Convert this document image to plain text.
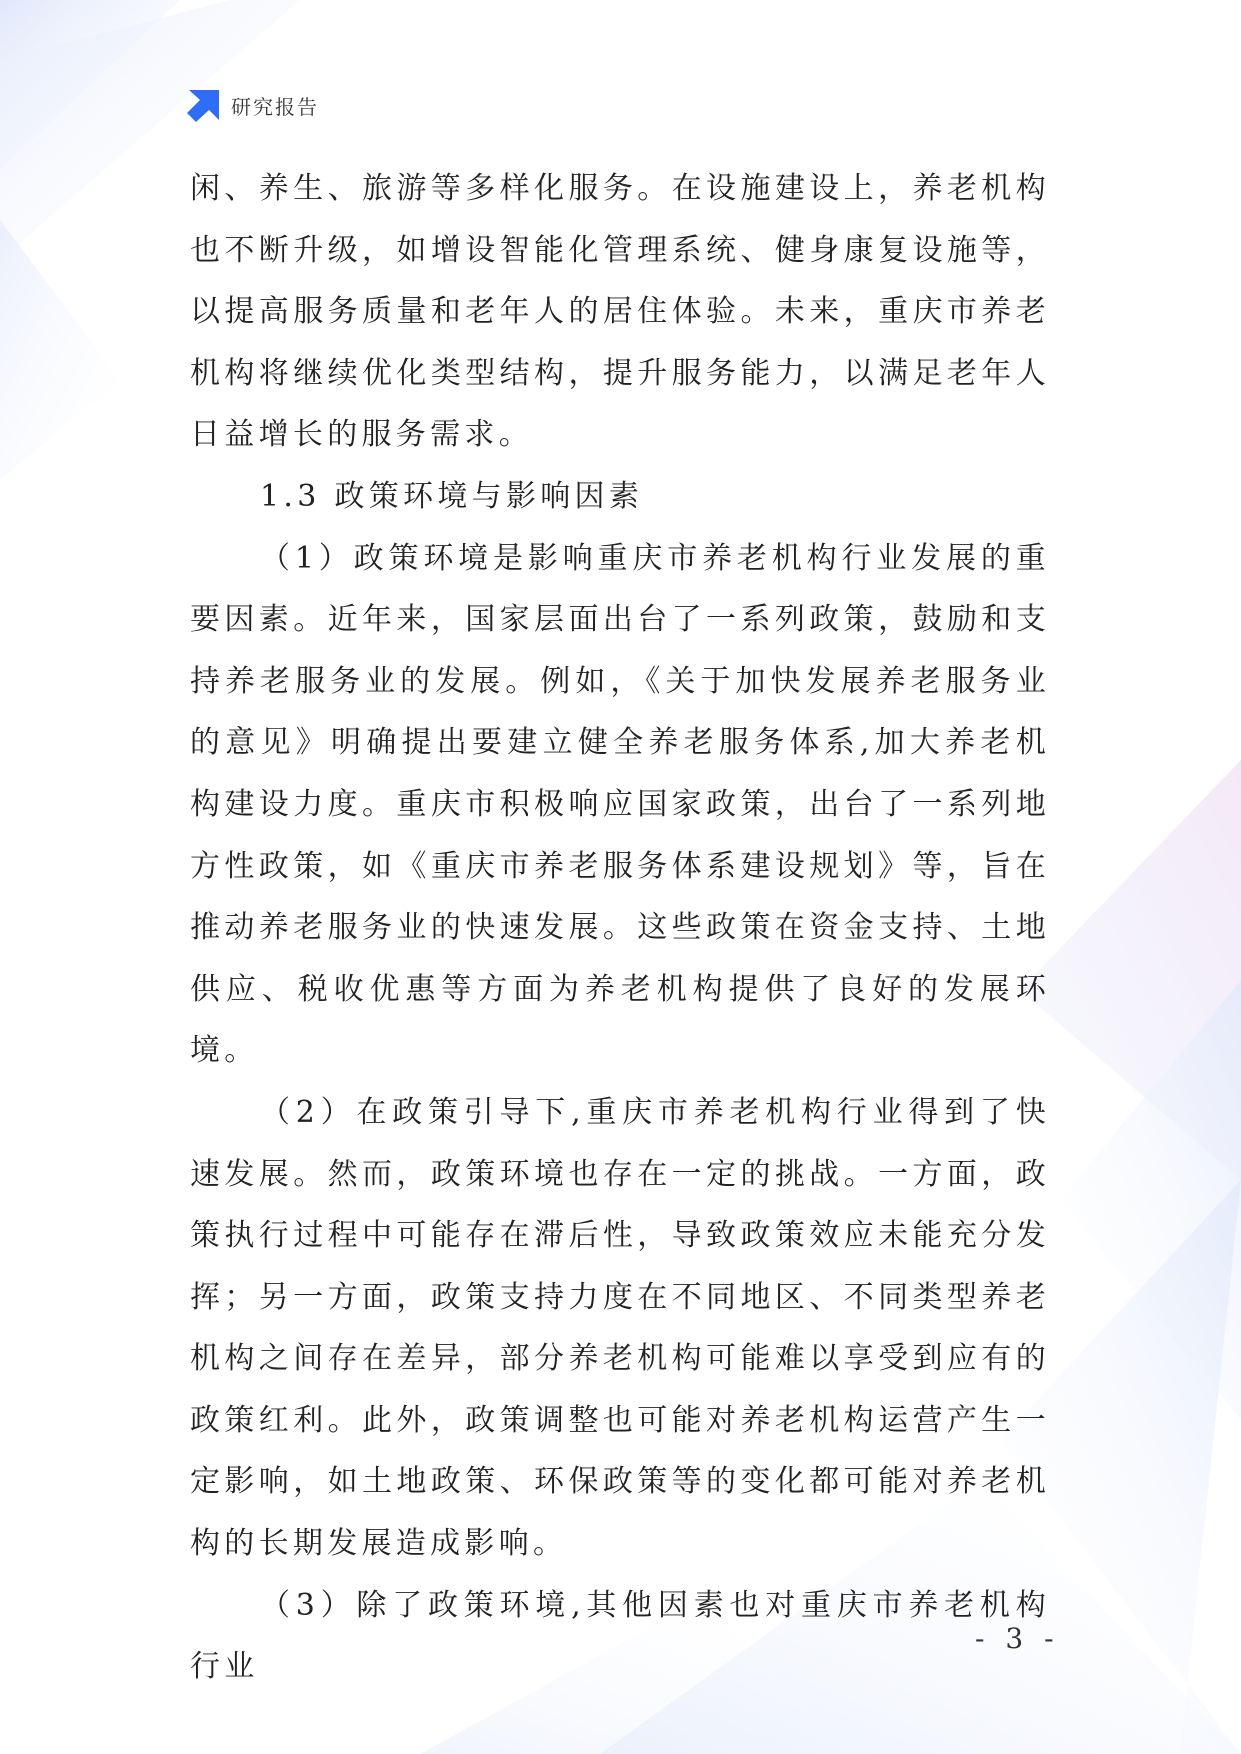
研究报告

闲、养生、旅游等多样化服务。在设施建设上，养老机构也不断升级，如增设智能化管理系统、健身康复设施等，以提高服务质量和老年人的居住体验。未来，重庆市养老机构将继续优化类型结构，提升服务能力，以满足老年人日益增长的服务需求。

1.3 政策环境与影响因素

（1）政策环境是影响重庆市养老机构行业发展的重要因素。近年来，国家层面出台了一系列政策，鼓励和支持养老服务业的发展。例如，《关于加快发展养老服务业的意见》明确提出要建立健全养老服务体系,加大养老机构建设力度。重庆市积极响应国家政策，出台了一系列地方性政策，如《重庆市养老服务体系建设规划》等，旨在推动养老服务业的快速发展。这些政策在资金支持、土地供应、税收优惠等方面为养老机构提供了良好的发展环境。

（2）在政策引导下,重庆市养老机构行业得到了快速发展。然而，政策环境也存在一定的挑战。一方面，政策执行过程中可能存在滞后性，导致政策效应未能充分发挥；另一方面，政策支持力度在不同地区、不同类型养老机构之间存在差异，部分养老机构可能难以享受到应有的政策红利。此外，政策调整也可能对养老机构运营产生一定影响，如土地政策、环保政策等的变化都可能对养老机构的长期发展造成影响。

（3）除了政策环境,其他因素也对重庆市养老机构行业

- 3 -
